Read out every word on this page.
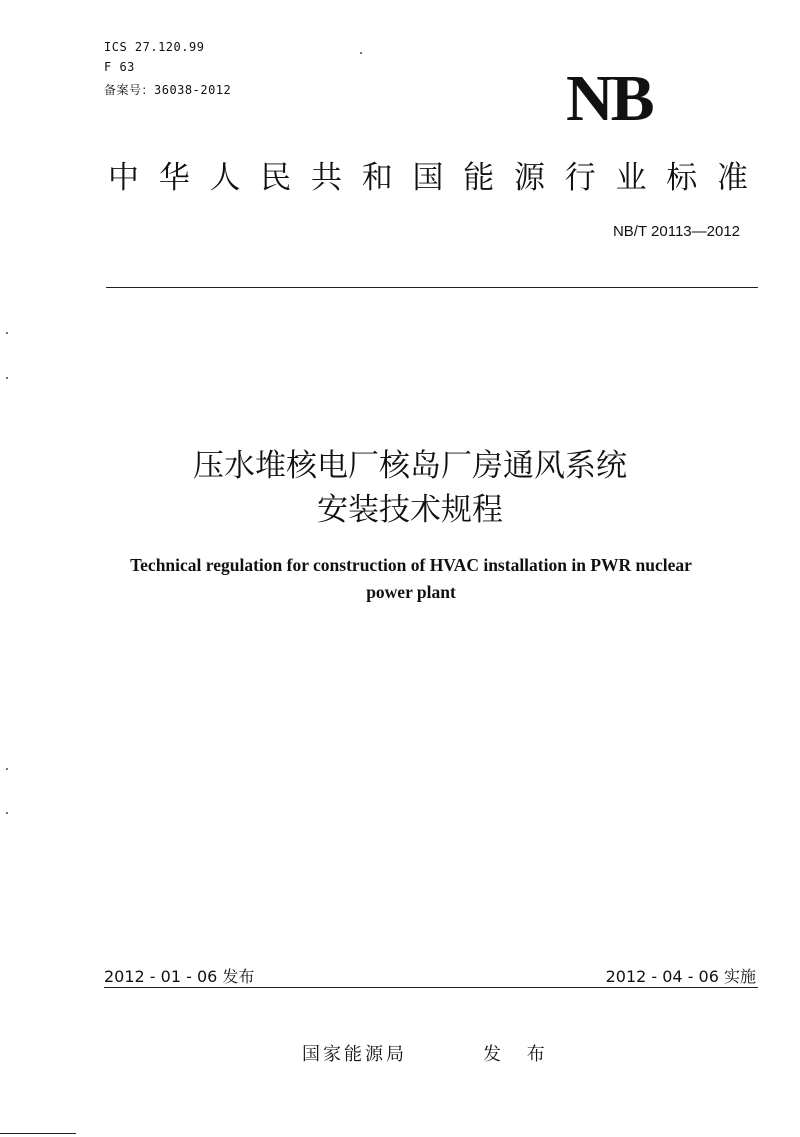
ICS 27.120.99
F 63
备案号：36038-2012	NB
中 华 人 民 共 和 国 能 源 行 业 标 准
NB/T 20113—2012
压水堆核电厂核岛厂房通风系统
安装技术规程
Technical regulation for construction of HVAC installation in PWR nuclear
power plant
2012 - 01 - 06 发布	2012 - 04 - 06 实施
国家能源局	发 布
